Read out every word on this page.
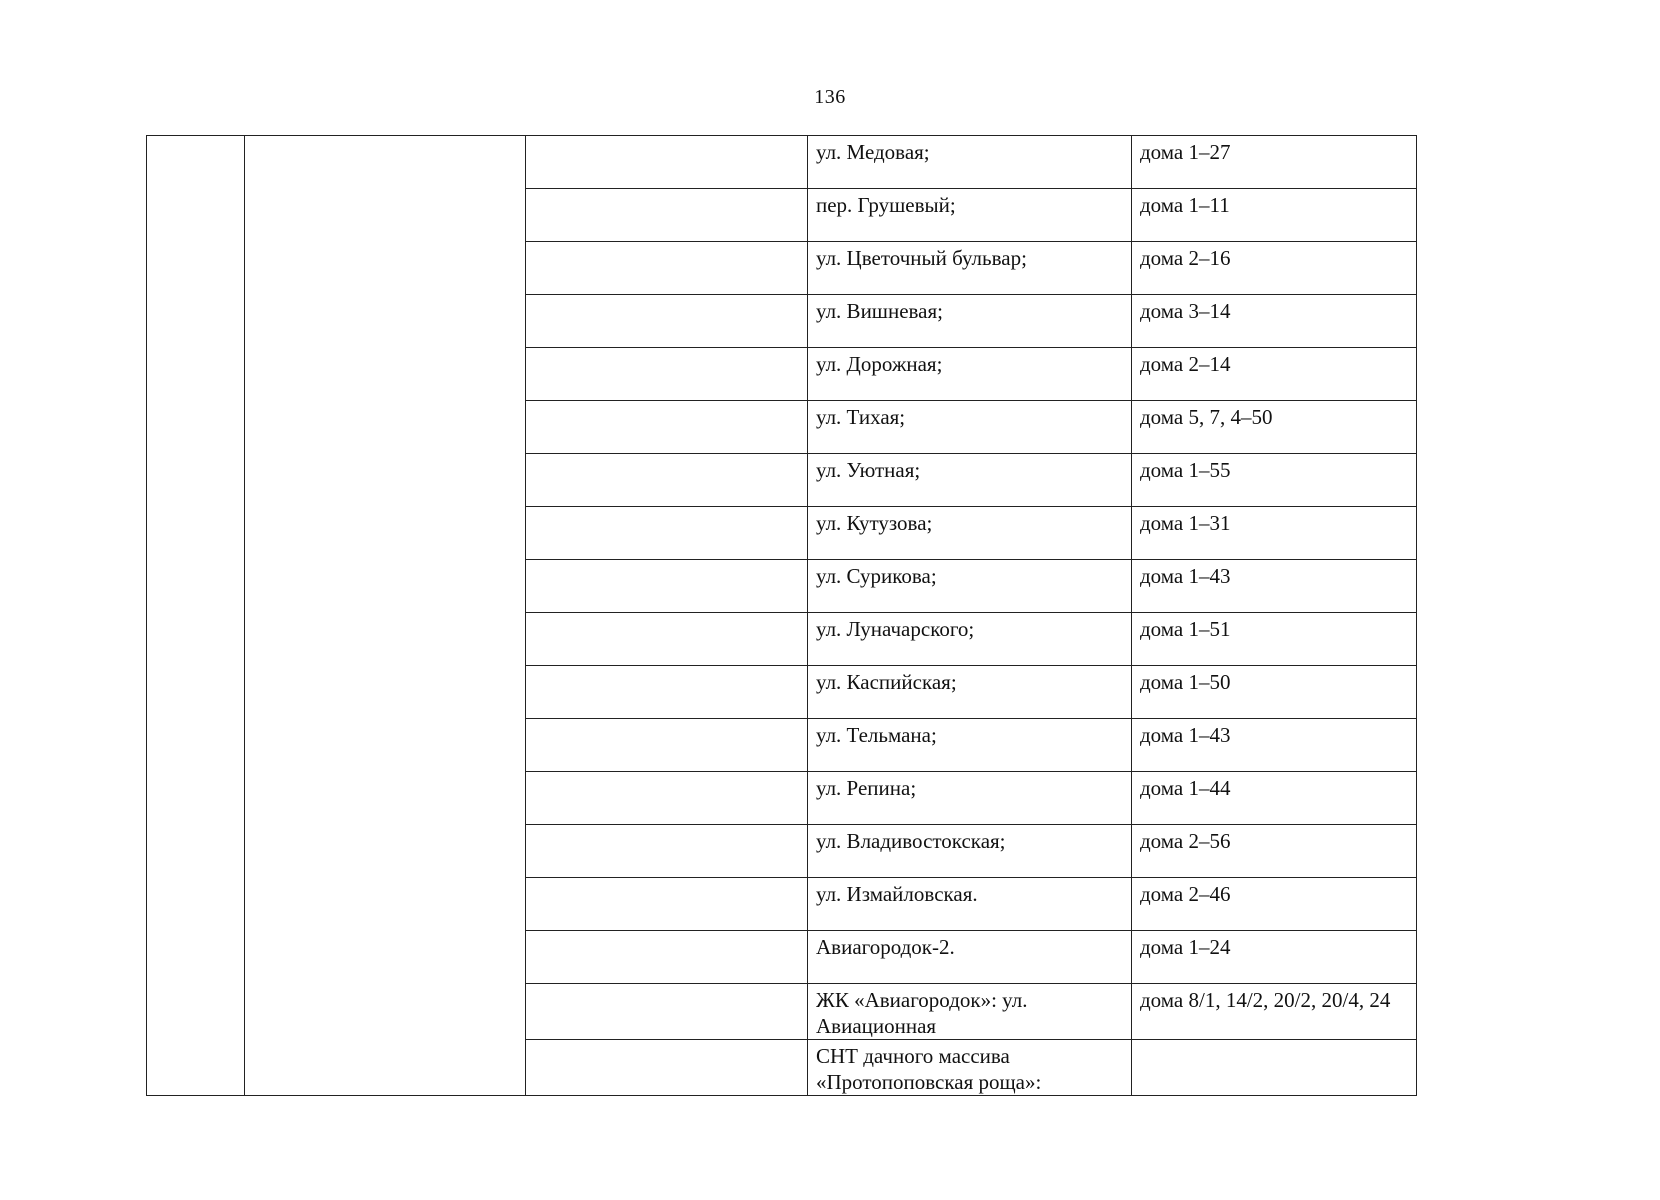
136
			ул. Медовая;	дома 1–27
			пер. Грушевый;	дома 1–11
			ул. Цветочный бульвар;	дома 2–16
			ул. Вишневая;	дома 3–14
			ул. Дорожная;	дома 2–14
			ул. Тихая;	дома 5, 7, 4–50
			ул. Уютная;	дома 1–55
			ул. Кутузова;	дома 1–31
			ул. Сурикова;	дома 1–43
			ул. Луначарского;	дома 1–51
			ул. Каспийская;	дома 1–50
			ул. Тельмана;	дома 1–43
			ул. Репина;	дома 1–44
			ул. Владивостокская;	дома 2–56
			ул. Измайловская.	дома 2–46
			Авиагородок-2.	дома 1–24
			ЖК «Авиагородок»: ул. Авиационная	дома 8/1, 14/2, 20/2, 20/4, 24
			СНТ дачного массива «Протопоповская роща»:	
